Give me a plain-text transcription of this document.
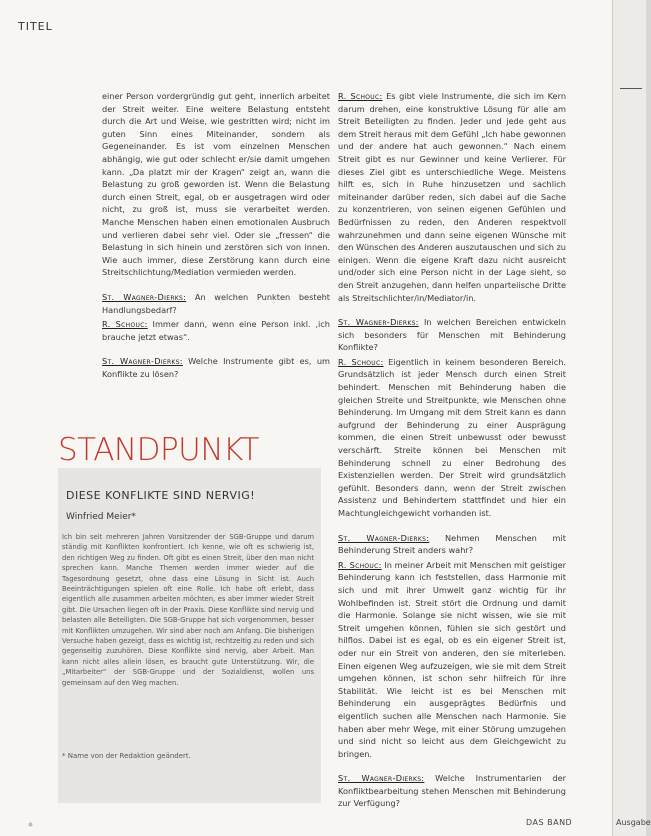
Ausgabe
TITEL

einer Person vordergründig gut geht, innerlich arbeitet der Streit weiter. Eine weitere Belastung entsteht durch die Art und Weise, wie gestritten wird; nicht im guten Sinn eines Miteinander, sondern als Gegeneinander. Es ist vom einzelnen Menschen abhängig, wie gut oder schlecht er/sie damit umgehen kann. „Da platzt mir der Kragen“ zeigt an, wann die Belastung zu groß geworden ist. Wenn die Belastung durch einen Streit, egal, ob er ausgetragen wird oder nicht, zu groß ist, muss sie verarbeitet werden. Manche Menschen haben einen emotionalen Ausbruch und verlieren dabei sehr viel. Oder sie „fressen“ die Belastung in sich hinein und zerstören sich von innen. Wie auch immer, diese Zerstörung kann durch eine Streitschlichtung/Mediation vermieden werden.

St. Wagner-Dierks: An welchen Punkten besteht Handlungsbedarf?

R. Schouc: Immer dann, wenn eine Person inkl. ‚ich brauche jetzt etwas“.

St. Wagner-Dierks: Welche Instrumente gibt es, um Konflikte zu lösen?

R. Schouc: Es gibt viele Instrumente, die sich im Kern darum drehen, eine konstruktive Lösung für alle am Streit Beteiligten zu finden. Jeder und jede geht aus dem Streit heraus mit dem Gefühl „Ich habe gewonnen und der andere hat auch gewonnen.“ Nach einem Streit gibt es nur Gewinner und keine Verlierer. Für dieses Ziel gibt es unterschiedliche Wege. Meistens hilft es, sich in Ruhe hinzusetzen und sachlich miteinander darüber reden, sich dabei auf die Sache zu konzentrieren, von seinen eigenen Gefühlen und Bedürfnissen zu reden, den Anderen respektvoll wahrzunehmen und dann seine eigenen Wünsche mit den Wünschen des Anderen auszutauschen und sich zu einigen. Wenn die eigene Kraft dazu nicht ausreicht und/oder sich eine Person nicht in der Lage sieht, so den Streit anzugehen, dann helfen unparteiische Dritte als Streitschlichter/in/Mediator/in.

St. Wagner-Dierks: In welchen Bereichen entwickeln sich besonders für Menschen mit Behinderung Konflikte?

R. Schouc: Eigentlich in keinem besonderen Bereich. Grundsätzlich ist jeder Mensch durch einen Streit behindert. Menschen mit Behinderung haben die gleichen Streite und Streitpunkte, wie Menschen ohne Behinderung. Im Umgang mit dem Streit kann es dann aufgrund der Behinderung zu einer Ausprägung kommen, die einen Streit unbewusst oder bewusst verschärft. Streite können bei Menschen mit Behinderung schnell zu einer Bedrohung des Existenziellen werden. Der Streit wird grundsätzlich gefühlt. Besonders dann, wenn der Streit zwischen Assistenz und Behindertem stattfindet und hier ein Machtungleichgewicht vorhanden ist.

St. Wagner-Dierks: Nehmen Menschen mit Behinderung Streit anders wahr?

R. Schouc: In meiner Arbeit mit Menschen mit geistiger Behinderung kann ich feststellen, dass Harmonie mit sich und mit ihrer Umwelt ganz wichtig für ihr Wohlbefinden ist. Streit stört die Ordnung und damit die Harmonie. Solange sie nicht wissen, wie sie mit Streit umgehen können, fühlen sie sich gestört und hilflos. Dabei ist es egal, ob es ein eigener Streit ist, oder nur ein Streit von anderen, den sie miterleben. Einen eigenen Weg aufzuzeigen, wie sie mit dem Streit umgehen können, ist schon sehr hilfreich für ihre Stabilität. Wie leicht ist es bei Menschen mit Behinderung ein ausgeprägtes Bedürfnis und eigentlich suchen alle Menschen nach Harmonie. Sie haben aber mehr Wege, mit einer Störung umzugehen und sind nicht so leicht aus dem Gleichgewicht zu bringen.

St. Wagner-Dierks: Welche Instrumentarien der Konfliktbearbeitung stehen Menschen mit Behinderung zur Verfügung?

STANDPUNKT
DIESE KONFLIKTE SIND NERVIG!
Winfried Meier*
Ich bin seit mehreren Jahren Vorsitzender der SGB-Gruppe und darum ständig mit Konflikten konfrontiert. Ich kenne, wie oft es schwierig ist, den richtigen Weg zu finden. Oft gibt es einen Streit, über den man nicht sprechen kann. Manche Themen werden immer wieder auf die Tagesordnung gesetzt, ohne dass eine Lösung in Sicht ist. Auch Beeinträchtigungen spielen oft eine Rolle. Ich habe oft erlebt, dass eigentlich alle zusammen arbeiten möchten, es aber immer wieder Streit gibt. Die Ursachen liegen oft in der Praxis. Diese Konflikte sind nervig und belasten alle Beteiligten. Die SGB-Gruppe hat sich vorgenommen, besser mit Konflikten umzugehen. Wir sind aber noch am Anfang. Die bisherigen Versuche haben gezeigt, dass es wichtig ist, rechtzeitig zu reden und sich gegenseitig zuzuhören. Diese Konflikte sind nervig, aber Arbeit. Man kann nicht alles allein lösen, es braucht gute Unterstützung. Wir, die „Mitarbeiter“ der SGB-Gruppe und der Sozialdienst, wollen uns gemeinsam auf den Weg machen.
* Name von der Redaktion geändert.
DAS BAND
